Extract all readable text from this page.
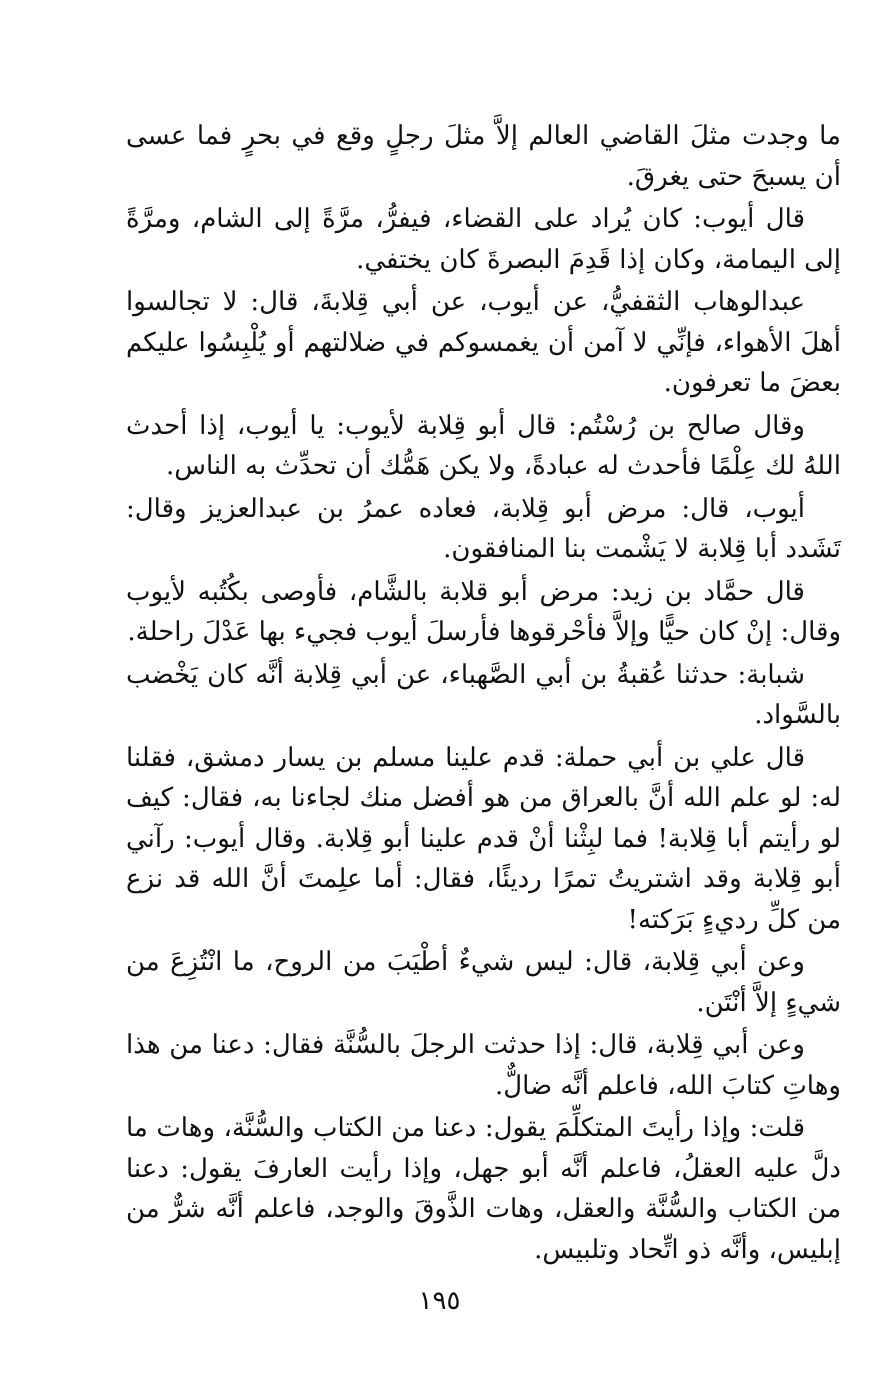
ما وجدت مثلَ القاضي العالم إلاَّ مثلَ رجلٍ وقع في بحرٍ فما عسى أن يسبحَ حتى يغرقَ.

قال أيوب: كان يُراد على القضاء، فيفرُّ، مرَّةً إلى الشام، ومرَّةً إلى اليمامة، وكان إذا قَدِمَ البصرةَ كان يختفي.

عبدالوهاب الثقفيُّ، عن أيوب، عن أبي قِلابةَ، قال: لا تجالسوا أهلَ الأهواء، فإنِّي لا آمن أن يغمسوكم في ضلالتهم أو يُلْبِسُوا عليكم بعضَ ما تعرفون.

وقال صالح بن رُسْتُم: قال أبو قِلابة لأيوب: يا أيوب، إذا أحدث اللهُ لك عِلْمًا فأحدث له عبادةً، ولا يكن هَمُّك أن تحدِّث به الناس.

أيوب، قال: مرض أبو قِلابة، فعاده عمرُ بن عبدالعزيز وقال: تَشَدد أبا قِلابة لا يَشْمت بنا المنافقون.

قال حمَّاد بن زيد: مرض أبو قلابة بالشَّام، فأوصى بكُتُبه لأيوب وقال: إنْ كان حيًّا وإلاَّ فأحْرقوها فأرسلَ أيوب فجيء بها عَدْلَ راحلة.

شبابة: حدثنا عُقبةُ بن أبي الصَّهباء، عن أبي قِلابة أنَّه كان يَخْضب بالسَّواد.

قال علي بن أبي حملة: قدم علينا مسلم بن يسار دمشق، فقلنا له: لو علم الله أنَّ بالعراق من هو أفضل منك لجاءنا به، فقال: كيف لو رأيتم أبا قِلابة! فما لبِثْنا أنْ قدم علينا أبو قِلابة. وقال أيوب: رآني أبو قِلابة وقد اشتريتُ تمرًا رديئًا، فقال: أما علِمتَ أنَّ الله قد نزع من كلِّ رديءٍ بَرَكته!

وعن أبي قِلابة، قال: ليس شيءٌ أطْيَبَ من الروح، ما انْتُزِعَ من شيءٍ إلاَّ أنْتَن.

وعن أبي قِلابة، قال: إذا حدثت الرجلَ بالسُّنَّة فقال: دعنا من هذا وهاتِ كتابَ الله، فاعلم أنَّه ضالٌّ.

قلت: وإذا رأيتَ المتكلِّمَ يقول: دعنا من الكتاب والسُّنَّة، وهات ما دلَّ عليه العقلُ، فاعلم أنَّه أبو جهل، وإذا رأيت العارفَ يقول: دعنا من الكتاب والسُّنَّة والعقل، وهات الذَّوقَ والوجد، فاعلم أنَّه شرٌّ من إبليس، وأنَّه ذو اتِّحاد وتلبيس.

١٩٥
